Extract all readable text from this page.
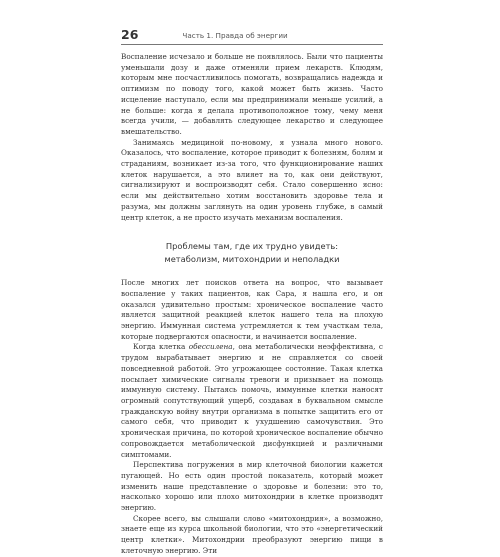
26	Часть 1. Правда об энергии

Воспаление исчезало и больше не появлялось. Были что пациенты уменьшали дозу и даже отменяли прием лекарств. Клюдям, которым мне посчастливилось помогать, возвращались надежда и оптимизм по поводу того, какой может быть жизнь. Часто исцеление наступало, если мы предпринимали меньше усилий, а не больше: когда я делала противоположное тому, чему меня всегда учили, — добавлять следующее лекарство и следующее вмешательство.

Занимаясь медициной по-новому, я узнала много нового. Оказалось, что воспаление, которое приводит к болезням, болям и страданиям, возникает из-за того, что функционирование наших клеток нарушается, а это влияет на то, как они действуют, сигнализируют и воспроизводят себя. Стало совершенно ясно: если мы действительно хотим восстановить здоровье тела и разума, мы должны заглянуть на один уровень глубже, в самый центр клеток, а не просто изучать механизм воспаления.

Проблемы там, где их трудно увидеть:
метаболизм, митохондрии и неполадки

После многих лет поисков ответа на вопрос, что вызывает воспаление у таких пациентов, как Сара, я нашла его, и он оказался удивительно простым: хроническое воспаление часто является защитной реакцией клеток нашего тела на плохую энергию. Иммунная система устремляется к тем участкам тела, которые подвергаются опасности, и начинается воспаление.

Когда клетка обессилена, она метаболически неэффективна, с трудом вырабатывает энергию и не справляется со своей повседневной работой. Это угрожающее состояние. Такая клетка посылает химические сигналы тревоги и призывает на помощь иммунную систему. Пытаясь помочь, иммунные клетки наносят огромный сопутствующий ущерб, создавая в буквальном смысле гражданскую войну внутри организма в попытке защитить его от самого себя, что приводит к ухудшению самочувствия. Это хроническая причина, по которой хроническое воспаление обычно сопровождается метаболической дисфункцией и различными симптомами.

Перспектива погружения в мир клеточной биологии кажется пугающей. Но есть один простой показатель, который может изменить наше представление о здоровье и болезни: это то, насколько хорошо или плохо митохондрии в клетке производят энергию.

Скорее всего, вы слышали слово «митохондрия», а возможно, знаете еще из курса школьной биологии, что это «энергетический центр клетки». Митохондрии преобразуют энергию пищи в клеточную энергию. Эти
